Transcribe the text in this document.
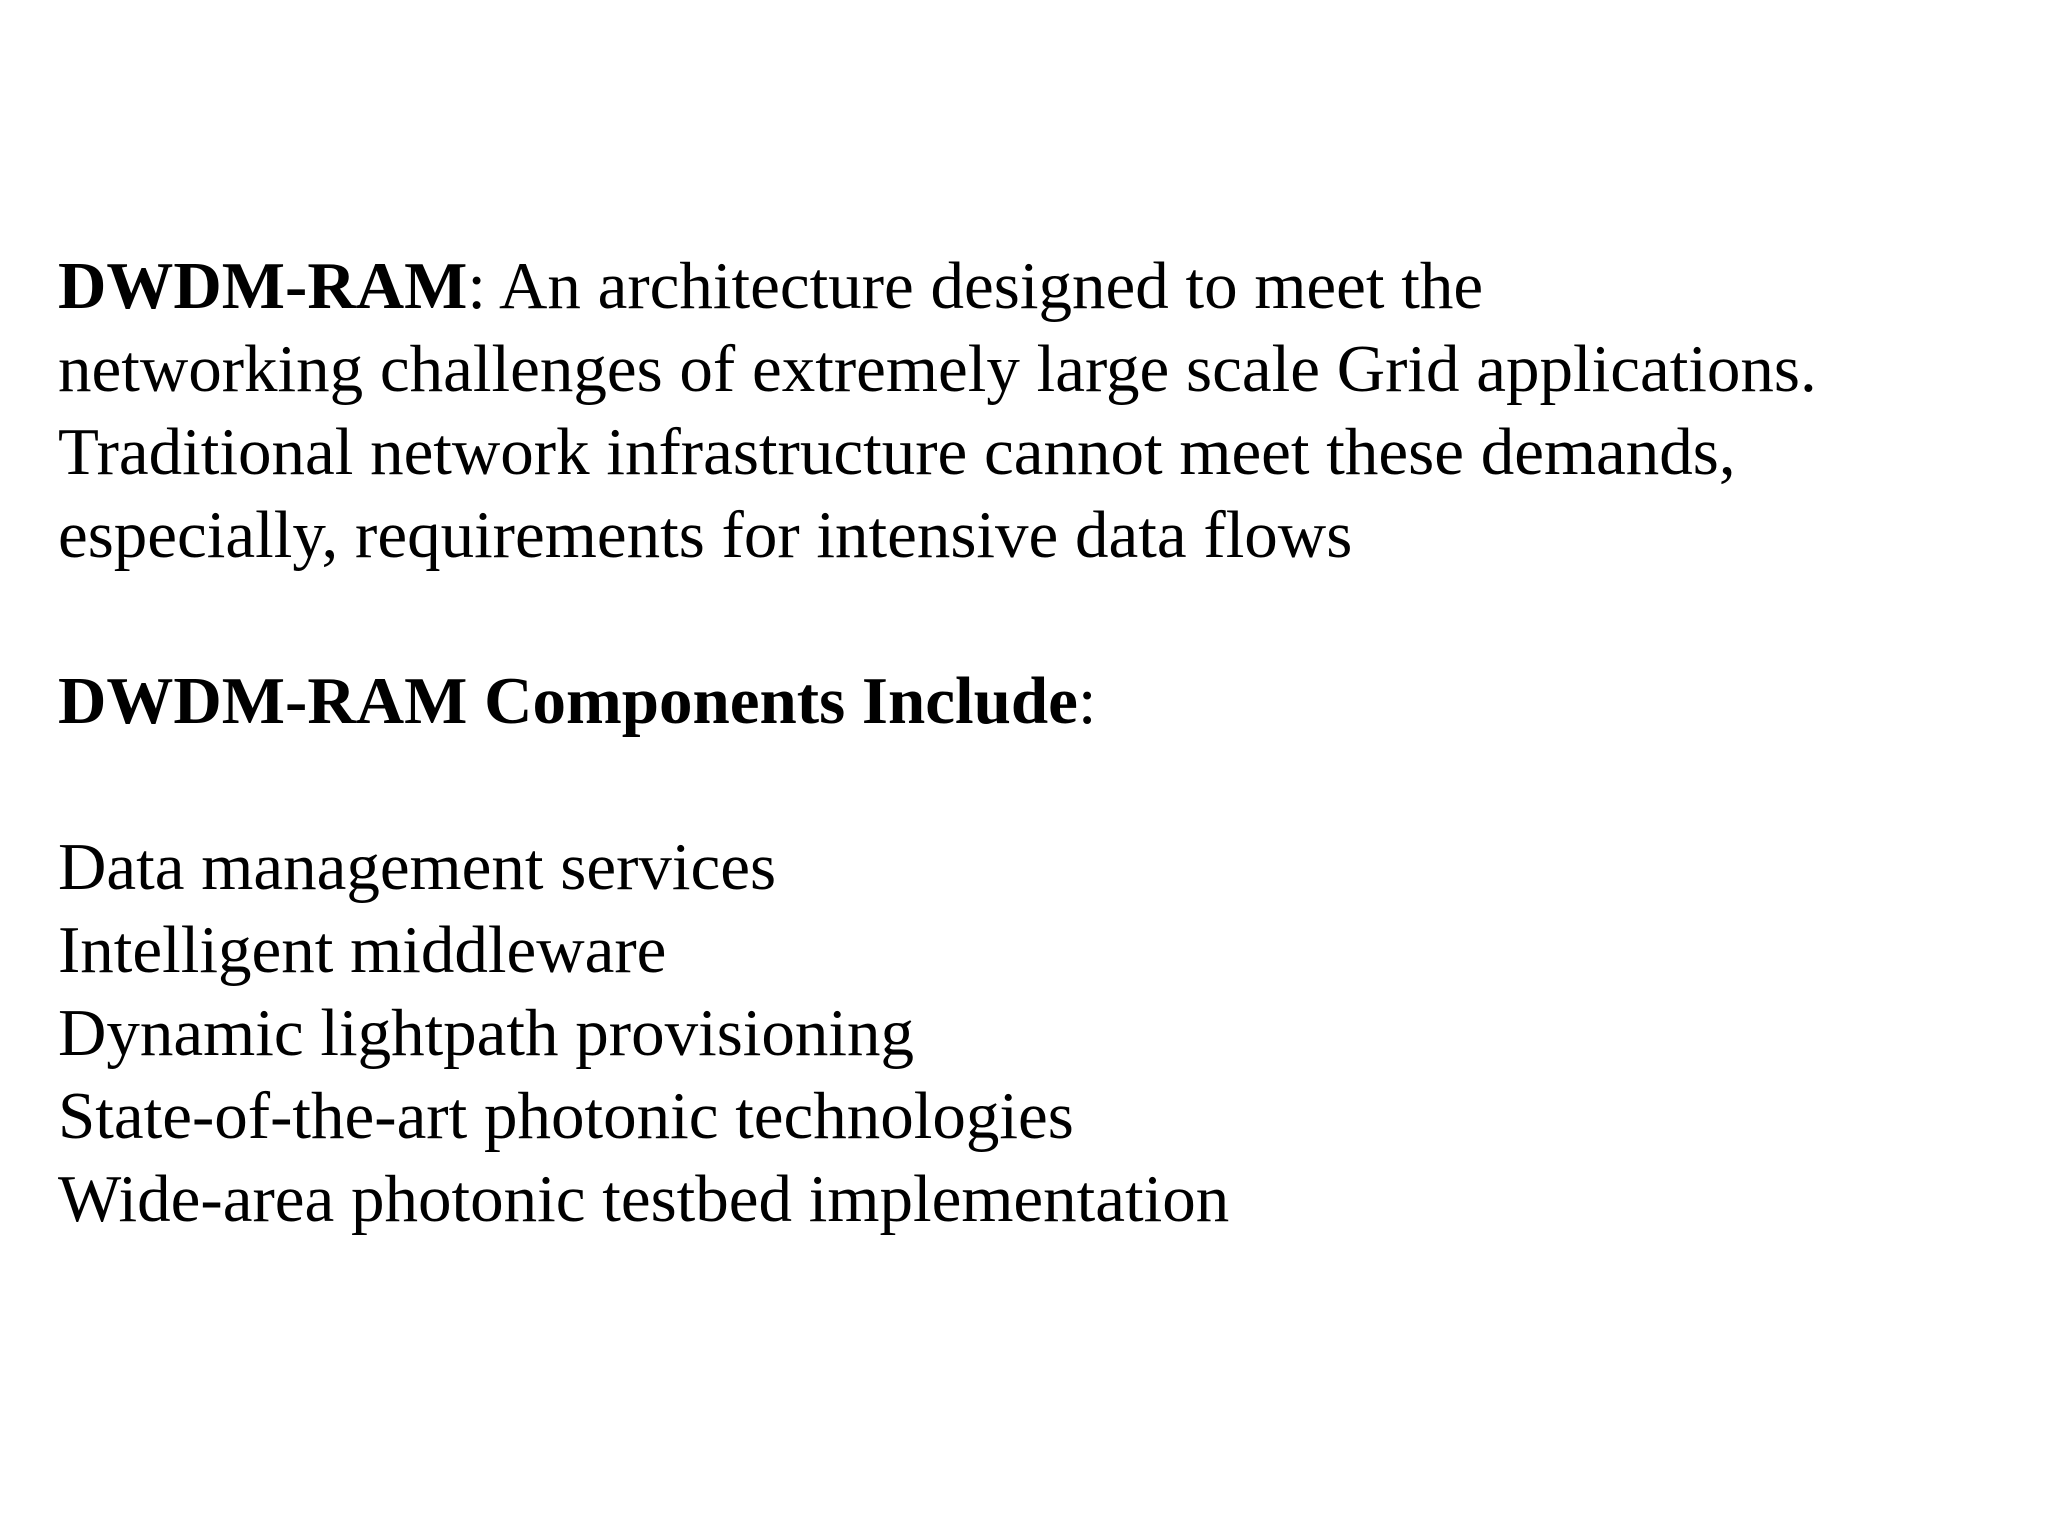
DWDM-RAM: An architecture designed to meet the
networking challenges of extremely large scale Grid applications.
Traditional network infrastructure cannot meet these demands,
especially, requirements for intensive data flows
DWDM-RAM Components Include:
Data management services
Intelligent middleware
Dynamic lightpath provisioning
State-of-the-art photonic technologies
Wide-area photonic testbed implementation
